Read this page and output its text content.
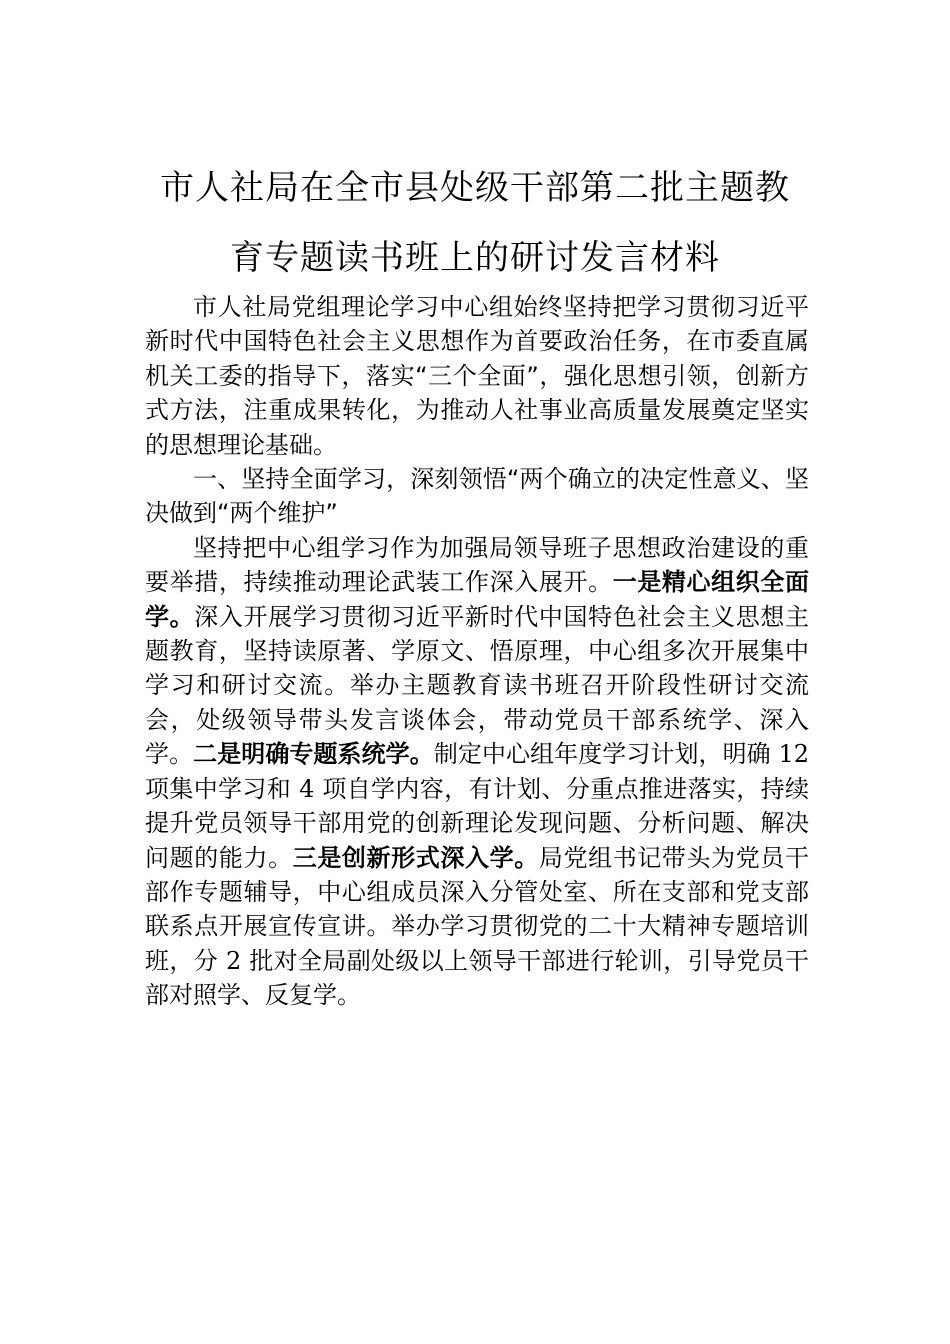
市人社局在全市县处级干部第二批主题教
育专题读书班上的研讨发言材料

市人社局党组理论学习中心组始终坚持把学习贯彻习近平新时代中国特色社会主义思想作为首要政治任务，在市委直属机关工委的指导下，落实“三个全面”，强化思想引领，创新方式方法，注重成果转化，为推动人社事业高质量发展奠定坚实的思想理论基础。

一、坚持全面学习，深刻领悟“两个确立的决定性意义、坚决做到“两个维护”

坚持把中心组学习作为加强局领导班子思想政治建设的重要举措，持续推动理论武装工作深入展开。一是精心组织全面学。深入开展学习贯彻习近平新时代中国特色社会主义思想主题教育，坚持读原著、学原文、悟原理，中心组多次开展集中学习和研讨交流。举办主题教育读书班召开阶段性研讨交流会，处级领导带头发言谈体会，带动党员干部系统学、深入学。二是明确专题系统学。制定中心组年度学习计划，明确 12 项集中学习和 4 项自学内容，有计划、分重点推进落实，持续提升党员领导干部用党的创新理论发现问题、分析问题、解决问题的能力。三是创新形式深入学。局党组书记带头为党员干部作专题辅导，中心组成员深入分管处室、所在支部和党支部联系点开展宣传宣讲。举办学习贯彻党的二十大精神专题培训班，分 2 批对全局副处级以上领导干部进行轮训，引导党员干部对照学、反复学。
